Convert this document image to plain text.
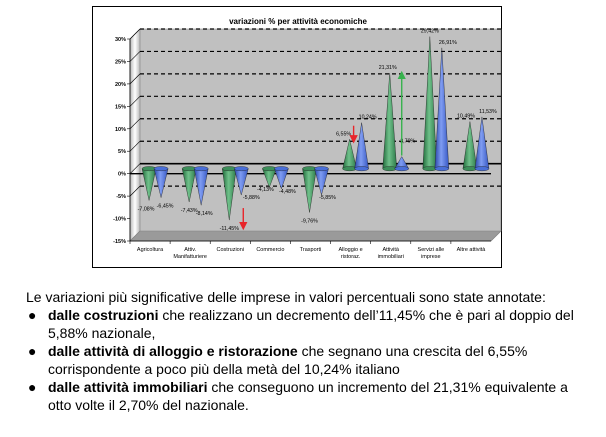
variazioni % per attività economiche
-15%
-10%
-5%
0%
5%
10%
15%
20%
25%
30%
Agricoltura	Attiv.
Manifatturiere
Costruzioni Commercio	Trasporti	Alloggio e
ristoraz.
Attività
immobiliari
Servizi alle
imprese
Altre attività
-7,08%	-7,43%
-11,45%
-4,13%
-9,76%
6,55%
21,31%
29,42%
10,49%
-6,45%
-8,14%
-5,88%
-4,48%
-5,85%
10,24%
2,70%
26,91%
11,53%

Le variazioni più significative delle imprese in valori percentuali sono state annotate:

● dalle costruzioni che realizzano un decremento dell’11,45% che è pari al doppio del 5,88% nazionale,
● dalle attività di alloggio e ristorazione che segnano una crescita del 6,55% corrispondente a poco più della metà del 10,24% italiano
● dalle attività immobiliari che conseguono un incremento del 21,31% equivalente a otto volte il 2,70% del nazionale.
